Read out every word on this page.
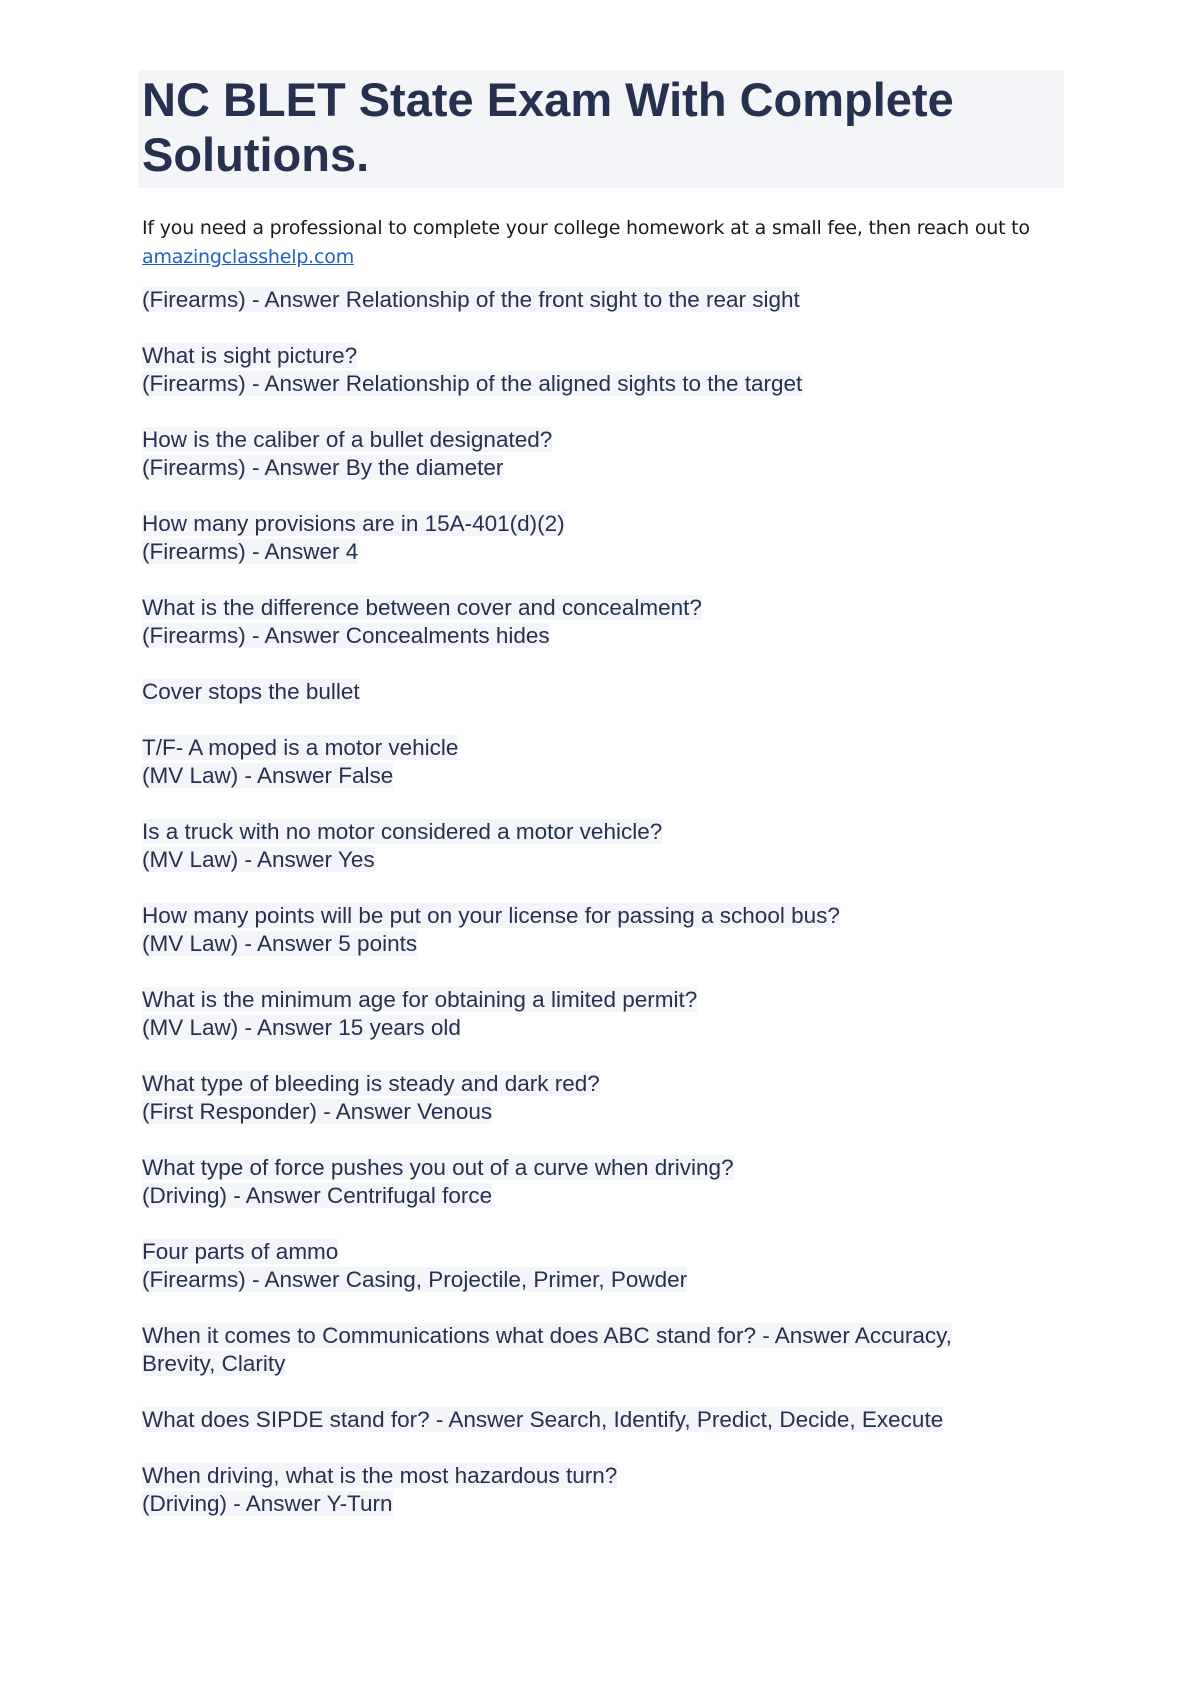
NC BLET State Exam With Complete Solutions.

If you need a professional to complete your college homework at a small fee, then reach out to
amazingclasshelp.com

(Firearms) - Answer Relationship of the front sight to the rear sight
What is sight picture?
(Firearms) - Answer Relationship of the aligned sights to the target
How is the caliber of a bullet designated?
(Firearms) - Answer By the diameter
How many provisions are in 15A-401(d)(2)
(Firearms) - Answer 4
What is the difference between cover and concealment?
(Firearms) - Answer Concealments hides
Cover stops the bullet
T/F- A moped is a motor vehicle
(MV Law) - Answer False
Is a truck with no motor considered a motor vehicle?
(MV Law) - Answer Yes
How many points will be put on your license for passing a school bus?
(MV Law) - Answer 5 points
What is the minimum age for obtaining a limited permit?
(MV Law) - Answer 15 years old
What type of bleeding is steady and dark red?
(First Responder) - Answer Venous
What type of force pushes you out of a curve when driving?
(Driving) - Answer Centrifugal force
Four parts of ammo
(Firearms) - Answer Casing, Projectile, Primer, Powder
When it comes to Communications what does ABC stand for? - Answer Accuracy,
Brevity, Clarity
What does SIPDE stand for? - Answer Search, Identify, Predict, Decide, Execute
When driving, what is the most hazardous turn?
(Driving) - Answer Y-Turn
